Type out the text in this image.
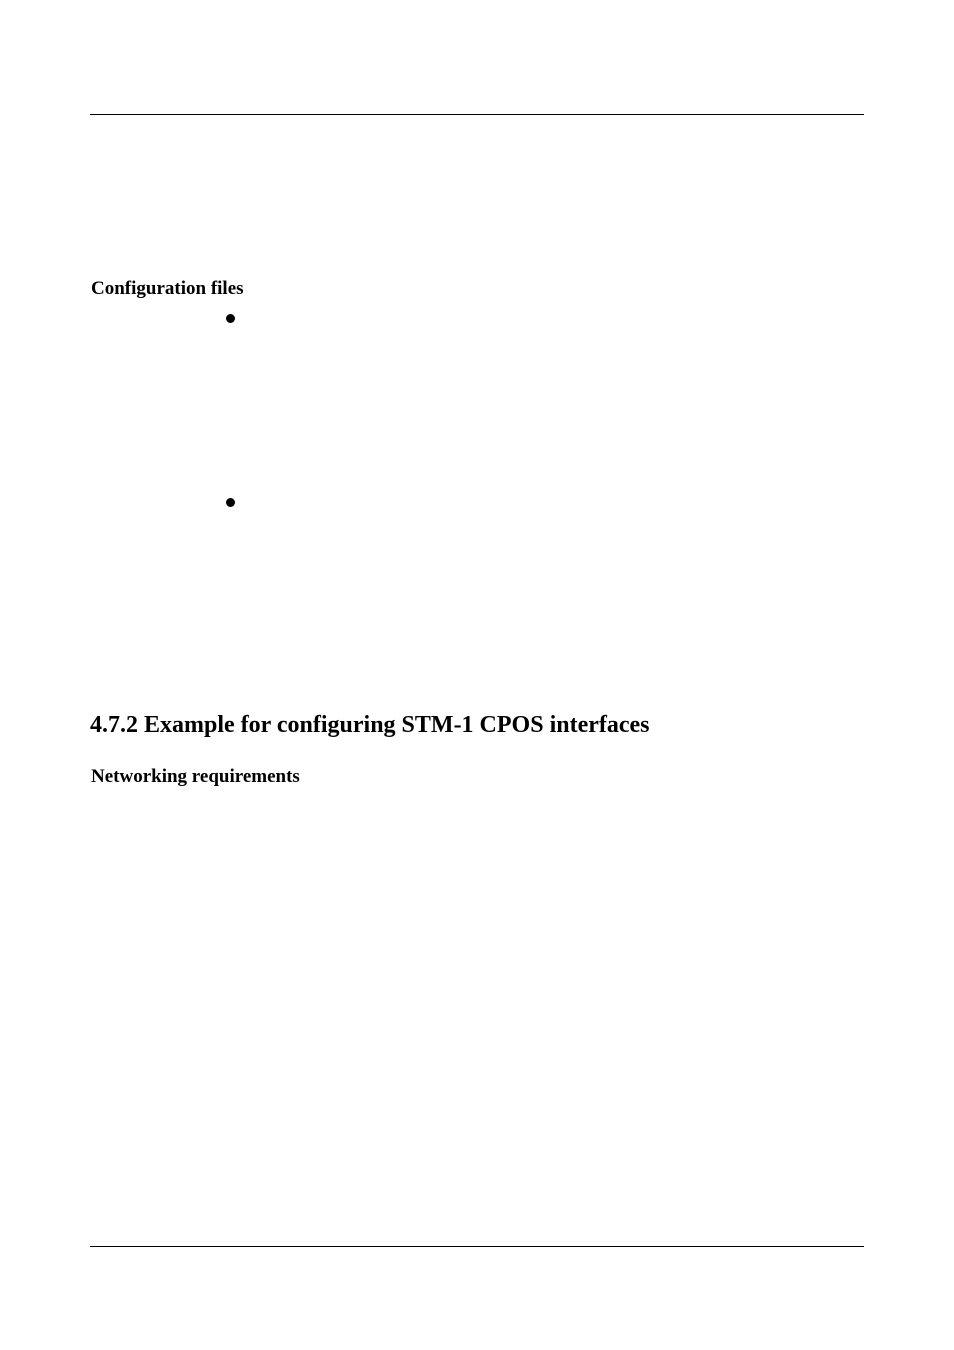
Configuration files
4.7.2 Example for configuring STM-1 CPOS interfaces
Networking requirements
